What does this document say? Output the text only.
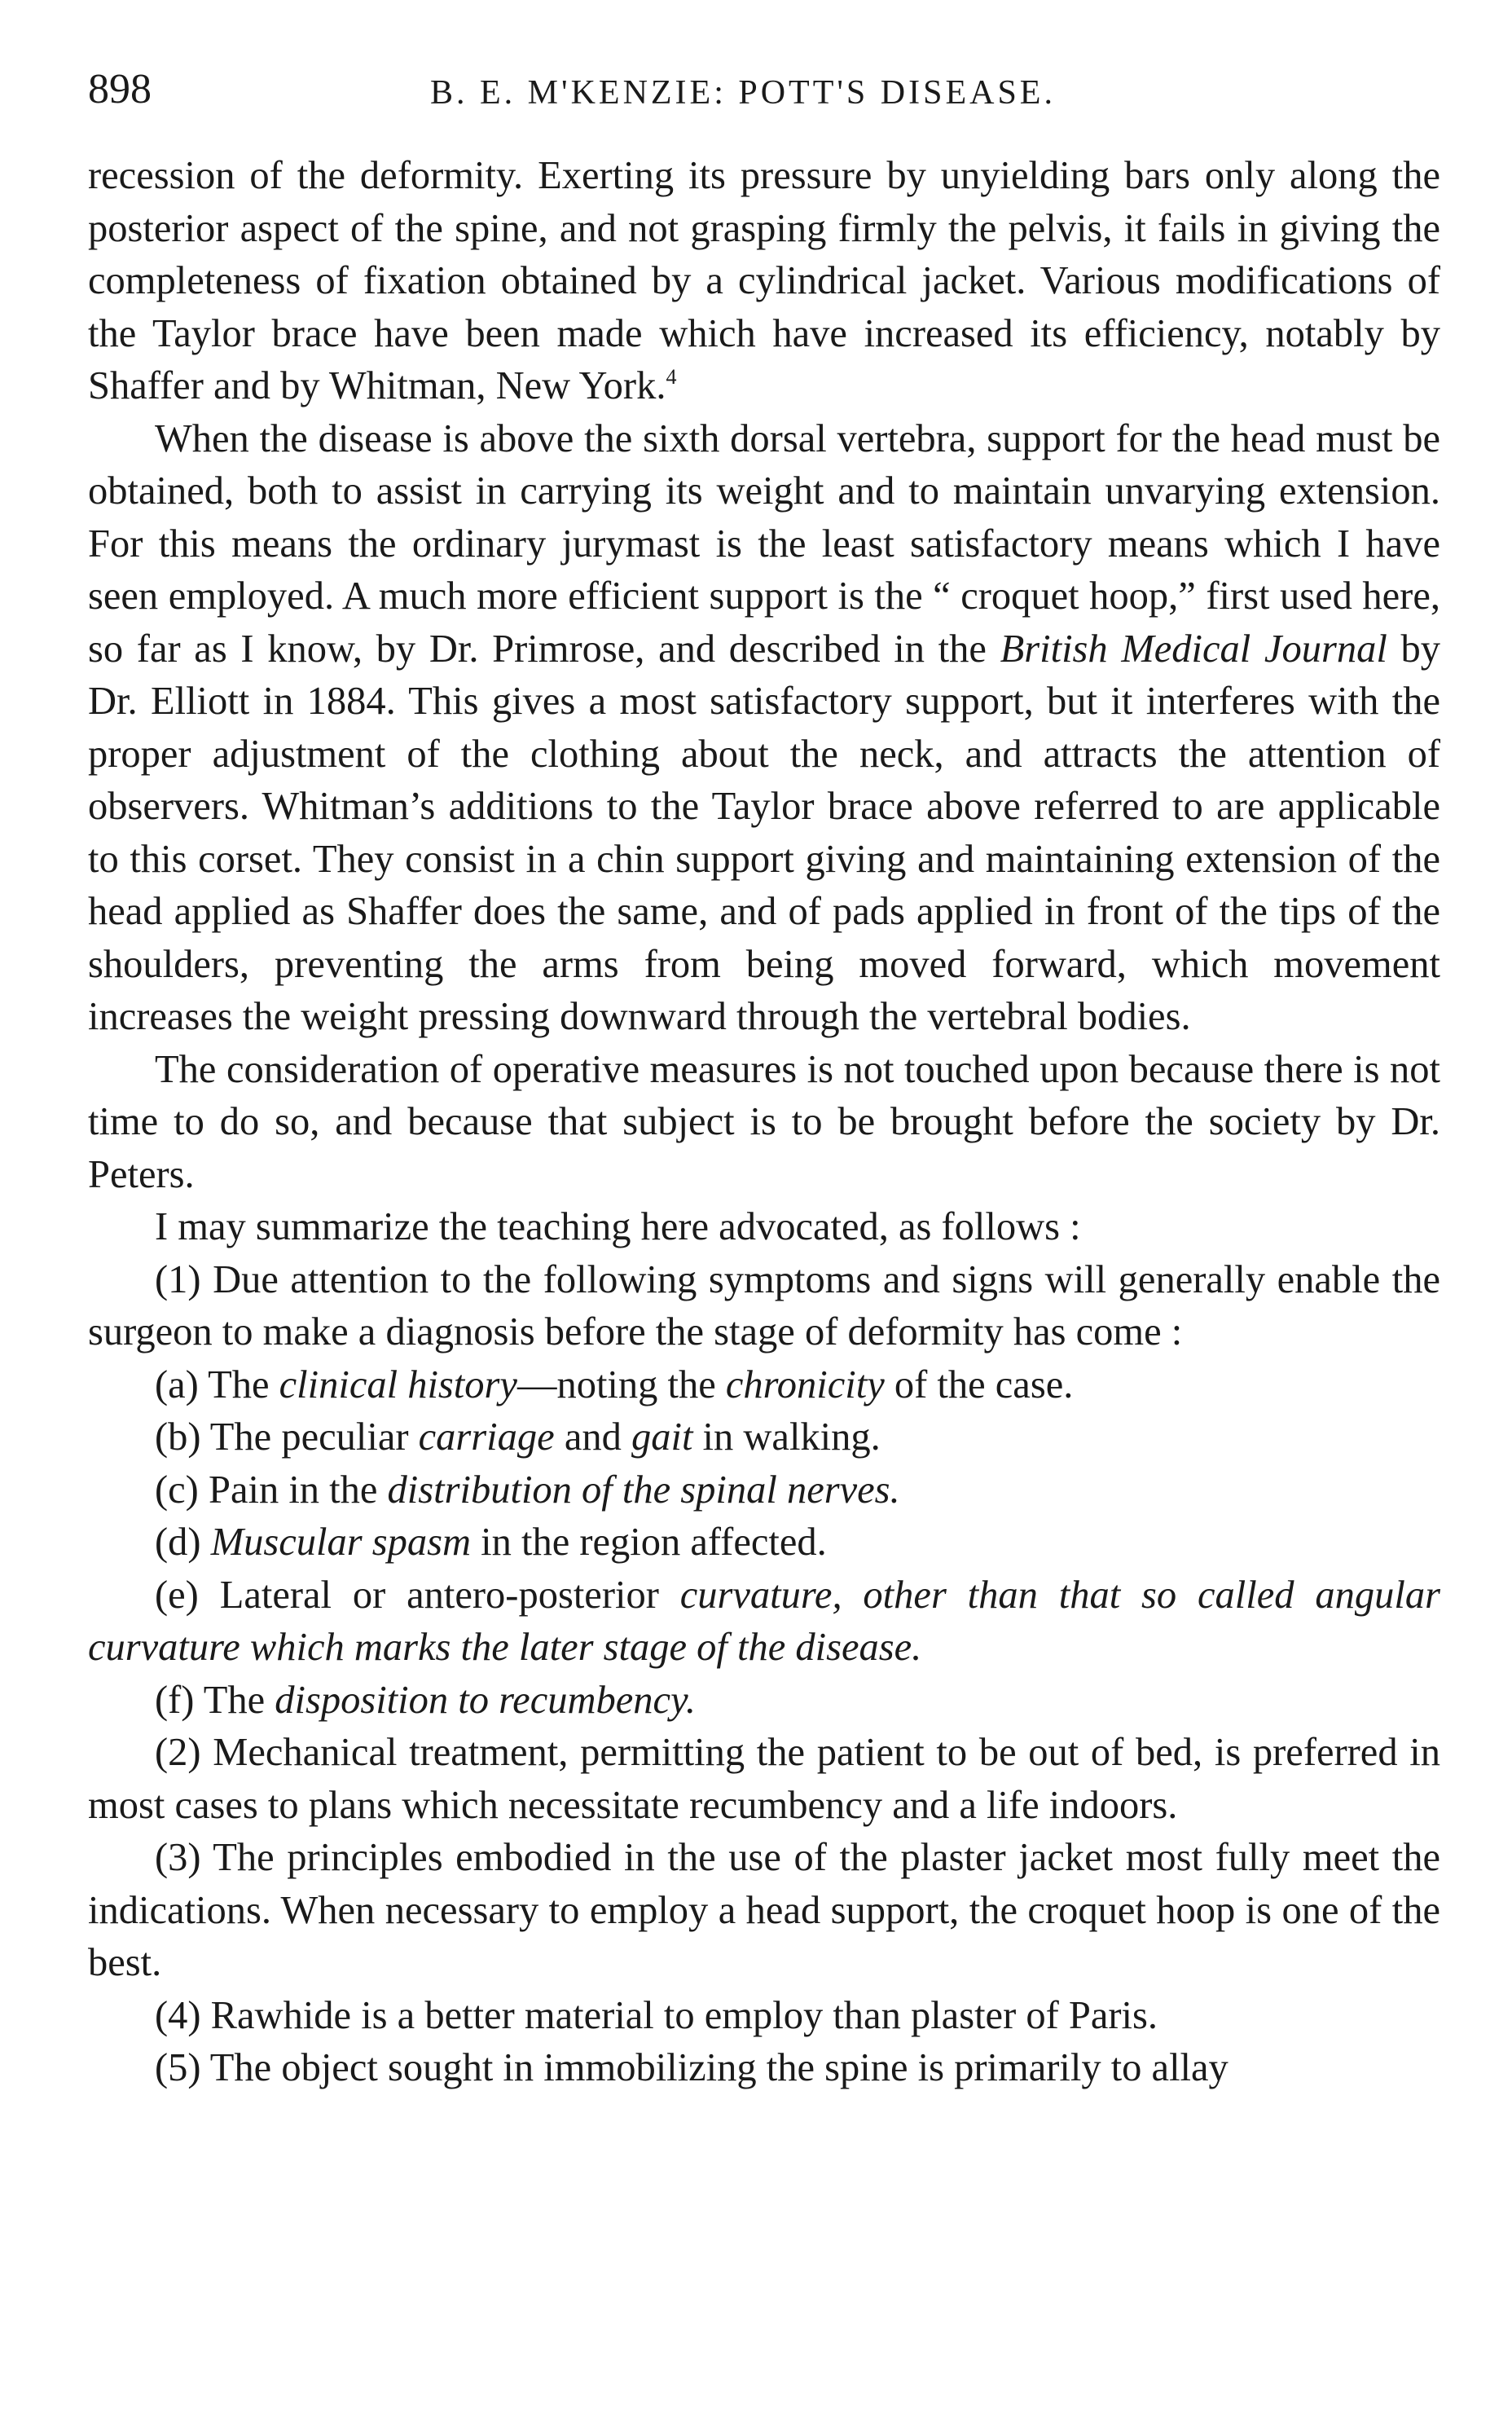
898	B. E. M'KENZIE: POTT'S DISEASE.

recession of the deformity. Exerting its pressure by unyielding bars only along the posterior aspect of the spine, and not grasping firmly the pelvis, it fails in giving the completeness of fixation obtained by a cylindrical jacket. Various modifications of the Taylor brace have been made which have increased its efficiency, notably by Shaffer and by Whitman, New York.$^4$

When the disease is above the sixth dorsal vertebra, support for the head must be obtained, both to assist in carrying its weight and to maintain unvarying extension. For this means the ordinary jurymast is the least satisfactory means which I have seen employed. A much more efficient support is the “ croquet hoop,” first used here, so far as I know, by Dr. Primrose, and described in the British Medical Journal by Dr. Elliott in 1884. This gives a most satisfactory support, but it interferes with the proper adjustment of the clothing about the neck, and attracts the attention of observers. Whitman’s additions to the Taylor brace above referred to are applicable to this corset. They consist in a chin support giving and maintaining extension of the head applied as Shaffer does the same, and of pads applied in front of the tips of the shoulders, preventing the arms from being moved forward, which movement increases the weight pressing downward through the vertebral bodies.

The consideration of operative measures is not touched upon because there is not time to do so, and because that subject is to be brought before the society by Dr. Peters.

I may summarize the teaching here advocated, as follows :

(1) Due attention to the following symptoms and signs will generally enable the surgeon to make a diagnosis before the stage of deformity has come :

(a) The clinical history—noting the chronicity of the case.

(b) The peculiar carriage and gait in walking.

(c) Pain in the distribution of the spinal nerves.

(d) Muscular spasm in the region affected.

(e) Lateral or antero-posterior curvature, other than that so called angular curvature which marks the later stage of the disease.

(f) The disposition to recumbency.

(2) Mechanical treatment, permitting the patient to be out of bed, is preferred in most cases to plans which necessitate recumbency and a life indoors.

(3) The principles embodied in the use of the plaster jacket most fully meet the indications. When necessary to employ a head support, the croquet hoop is one of the best.

(4) Rawhide is a better material to employ than plaster of Paris.

(5) The object sought in immobilizing the spine is primarily to allay
